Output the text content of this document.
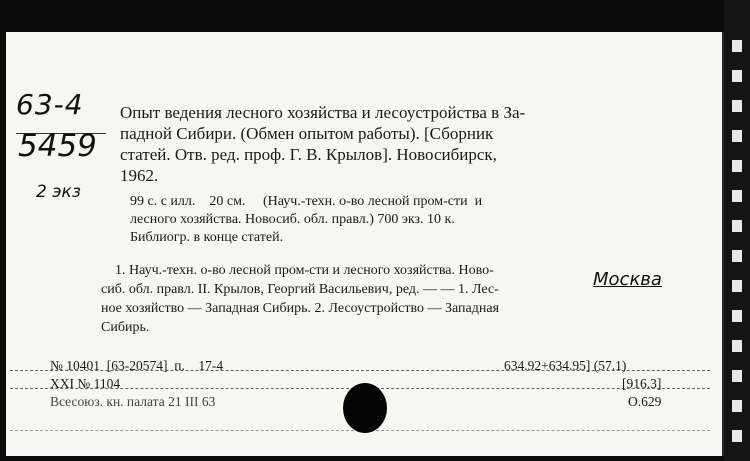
63-4
5459
2 экз
Опыт ведения лесного хозяйства и лесоустройства в За-
падной Сибири. (Обмен опытом работы). [Сборник
статей. Отв. ред. проф. Г. В. Крылов]. Новосибирск,
1962.
99 с. с илл.    20 см.     (Науч.-техн. о-во лесной пром-сти  и
лесного хозяйства. Новосиб. обл. правл.) 700 экз. 10 к.
Библиогр. в конце статей.
Москва
1. Науч.-техн. о-во лесной пром-сти и лесного хозяйства. Ново-
сиб. обл. правл. II. Крылов, Георгий Васильевич, ред. — — 1. Лес-
ное хозяйство — Западная Сибирь. 2. Лесоустройство — Западная
Сибирь.
№ 10401  [63-20574]  п.    17-4	634.92+634.95] (57.1)
XXI № 1104	[916.3]
Всесоюз. кн. палата 21 III 63	О.629
